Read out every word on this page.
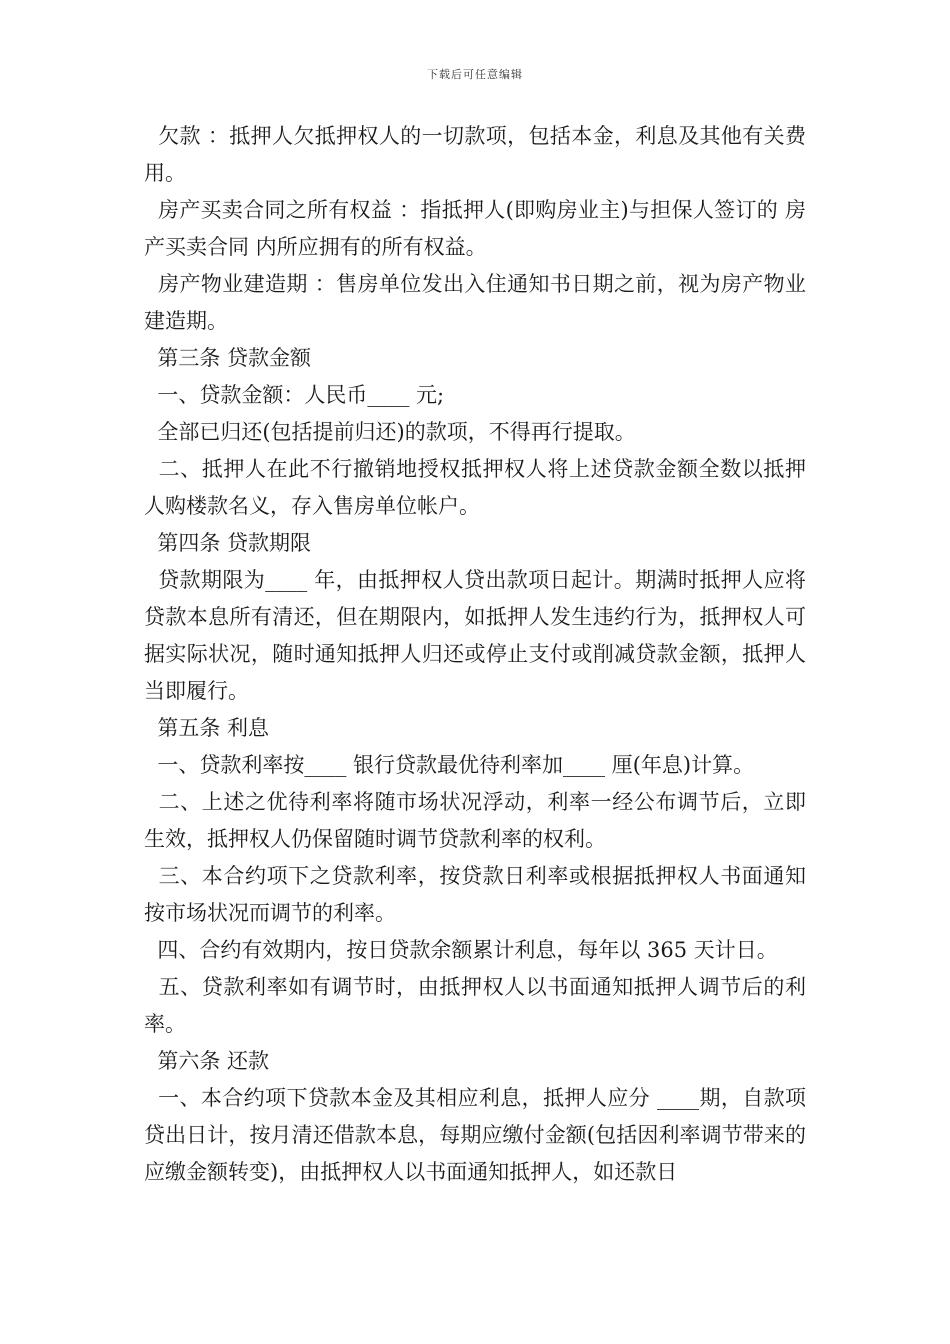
下载后可任意编辑

欠款 ：抵押人欠抵押权人的一切款项，包括本金，利息及其他有关费用。

房产买卖合同之所有权益 ：指抵押人(即购房业主)与担保人签订的 房产买卖合同 内所应拥有的所有权益。

房产物业建造期 ：售房单位发出入住通知书日期之前，视为房产物业建造期。

第三条 贷款金额

一、贷款金额：人民币____ 元;

全部已归还(包括提前归还)的款项，不得再行提取。

二、抵押人在此不行撤销地授权抵押权人将上述贷款金额全数以抵押人购楼款名义，存入售房单位帐户。

第四条 贷款期限

贷款期限为____ 年，由抵押权人贷出款项日起计。期满时抵押人应将贷款本息所有清还，但在期限内，如抵押人发生违约行为，抵押权人可据实际状况，随时通知抵押人归还或停止支付或削减贷款金额，抵押人当即履行。

第五条 利息

一、贷款利率按____ 银行贷款最优待利率加____ 厘(年息)计算。

二、上述之优待利率将随市场状况浮动，利率一经公布调节后，立即生效，抵押权人仍保留随时调节贷款利率的权利。

三、本合约项下之贷款利率，按贷款日利率或根据抵押权人书面通知按市场状况而调节的利率。

四、合约有效期内，按日贷款余额累计利息，每年以 365 天计日。

五、贷款利率如有调节时，由抵押权人以书面通知抵押人调节后的利率。

第六条 还款

一、本合约项下贷款本金及其相应利息，抵押人应分 ____期，自款项贷出日计，按月清还借款本息，每期应缴付金额(包括因利率调节带来的应缴金额转变)，由抵押权人以书面通知抵押人，如还款日
